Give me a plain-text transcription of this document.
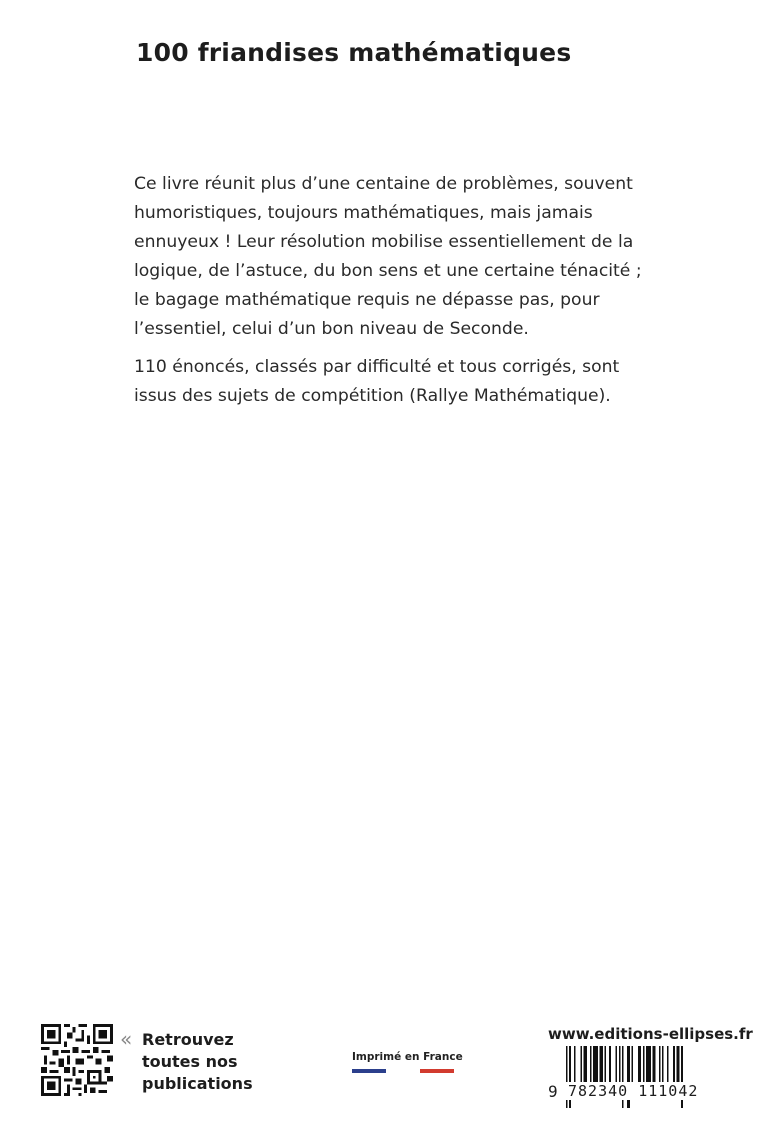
100 friandises mathématiques

Ce livre réunit plus d’une centaine de problèmes, souvent
humoristiques, toujours mathématiques, mais jamais
ennuyeux ! Leur résolution mobilise essentiellement de la
logique, de l’astuce, du bon sens et une certaine ténacité ;
le bagage mathématique requis ne dépasse pas, pour
l’essentiel, celui d’un bon niveau de Seconde.

110 énoncés, classés par difficulté et tous corrigés, sont
issus des sujets de compétition (Rallye Mathématique).

« Retrouvez
toutes nos
publications
Imprimé en France
www.editions-ellipses.fr
9 782340 111042
